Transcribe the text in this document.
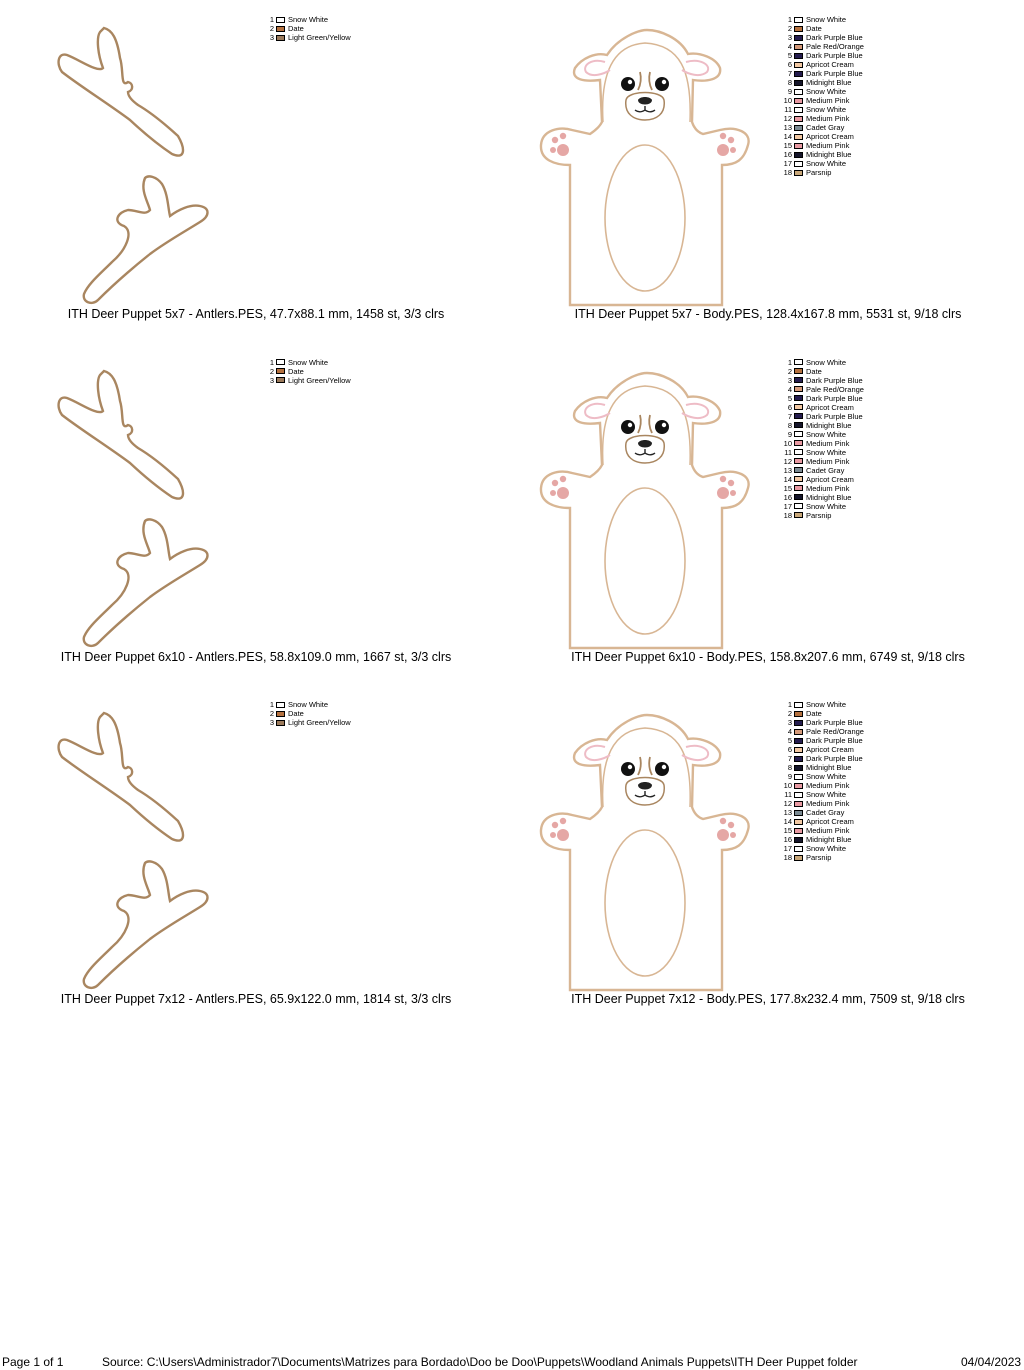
1 Snow White
2 Date
3 Light Green/Yellow
ITH Deer Puppet 5x7 - Antlers.PES, 47.7x88.1 mm, 1458 st, 3/3 clrs
1 Snow White
2 Date
3 Dark Purple Blue
4 Pale Red/Orange
5 Dark Purple Blue
6 Apricot Cream
7 Dark Purple Blue
8 Midnight Blue
9 Snow White
10 Medium Pink
11 Snow White
12 Medium Pink
13 Cadet Gray
14 Apricot Cream
15 Medium Pink
16 Midnight Blue
17 Snow White
18 Parsnip
ITH Deer Puppet 5x7 - Body.PES, 128.4x167.8 mm, 5531 st, 9/18 clrs
1 Snow White
2 Date
3 Light Green/Yellow
ITH Deer Puppet 6x10 - Antlers.PES, 58.8x109.0 mm, 1667 st, 3/3 clrs
1 Snow White
2 Date
3 Dark Purple Blue
4 Pale Red/Orange
5 Dark Purple Blue
6 Apricot Cream
7 Dark Purple Blue
8 Midnight Blue
9 Snow White
10 Medium Pink
11 Snow White
12 Medium Pink
13 Cadet Gray
14 Apricot Cream
15 Medium Pink
16 Midnight Blue
17 Snow White
18 Parsnip
ITH Deer Puppet 6x10 - Body.PES, 158.8x207.6 mm, 6749 st, 9/18 clrs
1 Snow White
2 Date
3 Light Green/Yellow
ITH Deer Puppet 7x12 - Antlers.PES, 65.9x122.0 mm, 1814 st, 3/3 clrs
1 Snow White
2 Date
3 Dark Purple Blue
4 Pale Red/Orange
5 Dark Purple Blue
6 Apricot Cream
7 Dark Purple Blue
8 Midnight Blue
9 Snow White
10 Medium Pink
11 Snow White
12 Medium Pink
13 Cadet Gray
14 Apricot Cream
15 Medium Pink
16 Midnight Blue
17 Snow White
18 Parsnip
ITH Deer Puppet 7x12 - Body.PES, 177.8x232.4 mm, 7509 st, 9/18 clrs
Page 1 of 1	Source: C:\Users\Administrador7\Documents\Matrizes para Bordado\Doo be Doo\Puppets\Woodland Animals Puppets\ITH Deer Puppet folder	04/04/2023
